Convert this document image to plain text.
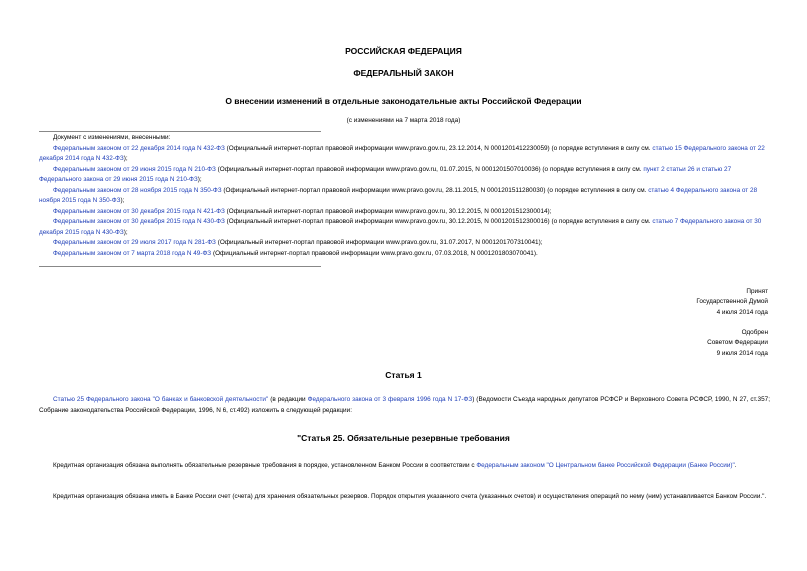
РОССИЙСКАЯ ФЕДЕРАЦИЯ
ФЕДЕРАЛЬНЫЙ ЗАКОН
О внесении изменений в отдельные законодательные акты Российской Федерации
(с изменениями на 7 марта 2018 года)
Документ с изменениями, внесенными:
Федеральным законом от 22 декабря 2014 года N 432-ФЗ (Официальный интернет-портал правовой информации www.pravo.gov.ru, 23.12.2014, N 0001201412230059) (о порядке вступления в силу см. статью 15 Федерального закона от 22 декабря 2014 года N 432-ФЗ);
Федеральным законом от 29 июня 2015 года N 210-ФЗ (Официальный интернет-портал правовой информации www.pravo.gov.ru, 01.07.2015, N 0001201507010036) (о порядке вступления в силу см. пункт 2 статьи 26 и статью 27 Федерального закона от 29 июня 2015 года N 210-ФЗ);
Федеральным законом от 28 ноября 2015 года N 350-ФЗ (Официальный интернет-портал правовой информации www.pravo.gov.ru, 28.11.2015, N 0001201511280030) (о порядке вступления в силу см. статью 4 Федерального закона от 28 ноября 2015 года N 350-ФЗ);
Федеральным законом от 30 декабря 2015 года N 421-ФЗ (Официальный интернет-портал правовой информации www.pravo.gov.ru, 30.12.2015, N 0001201512300014);
Федеральным законом от 30 декабря 2015 года N 430-ФЗ (Официальный интернет-портал правовой информации www.pravo.gov.ru, 30.12.2015, N 0001201512300016) (о порядке вступления в силу см. статью 7 Федерального закона от 30 декабря 2015 года N 430-ФЗ);
Федеральным законом от 29 июля 2017 года N 281-ФЗ (Официальный интернет-портал правовой информации www.pravo.gov.ru, 31.07.2017, N 0001201707310041);
Федеральным законом от 7 марта 2018 года N 49-ФЗ (Официальный интернет-портал правовой информации www.pravo.gov.ru, 07.03.2018, N 0001201803070041).
Принят
Государственной Думой
4 июля 2014 года
Одобрен
Советом Федерации
9 июля 2014 года
Статья 1
Статью 25 Федерального закона "О банках и банковской деятельности" (в редакции Федерального закона от 3 февраля 1996 года N 17-ФЗ) (Ведомости Съезда народных депутатов РСФСР и Верховного Совета РСФСР, 1990, N 27, ст.357; Собрание законодательства Российской Федерации, 1996, N 6, ст.492) изложить в следующей редакции:
"Статья 25. Обязательные резервные требования
Кредитная организация обязана выполнять обязательные резервные требования в порядке, установленном Банком России в соответствии с Федеральным законом "О Центральном банке Российской Федерации (Банке России)".
Кредитная организация обязана иметь в Банке России счет (счета) для хранения обязательных резервов. Порядок открытия указанного счета (указанных счетов) и осуществления операций по нему (ним) устанавливается Банком России.".
